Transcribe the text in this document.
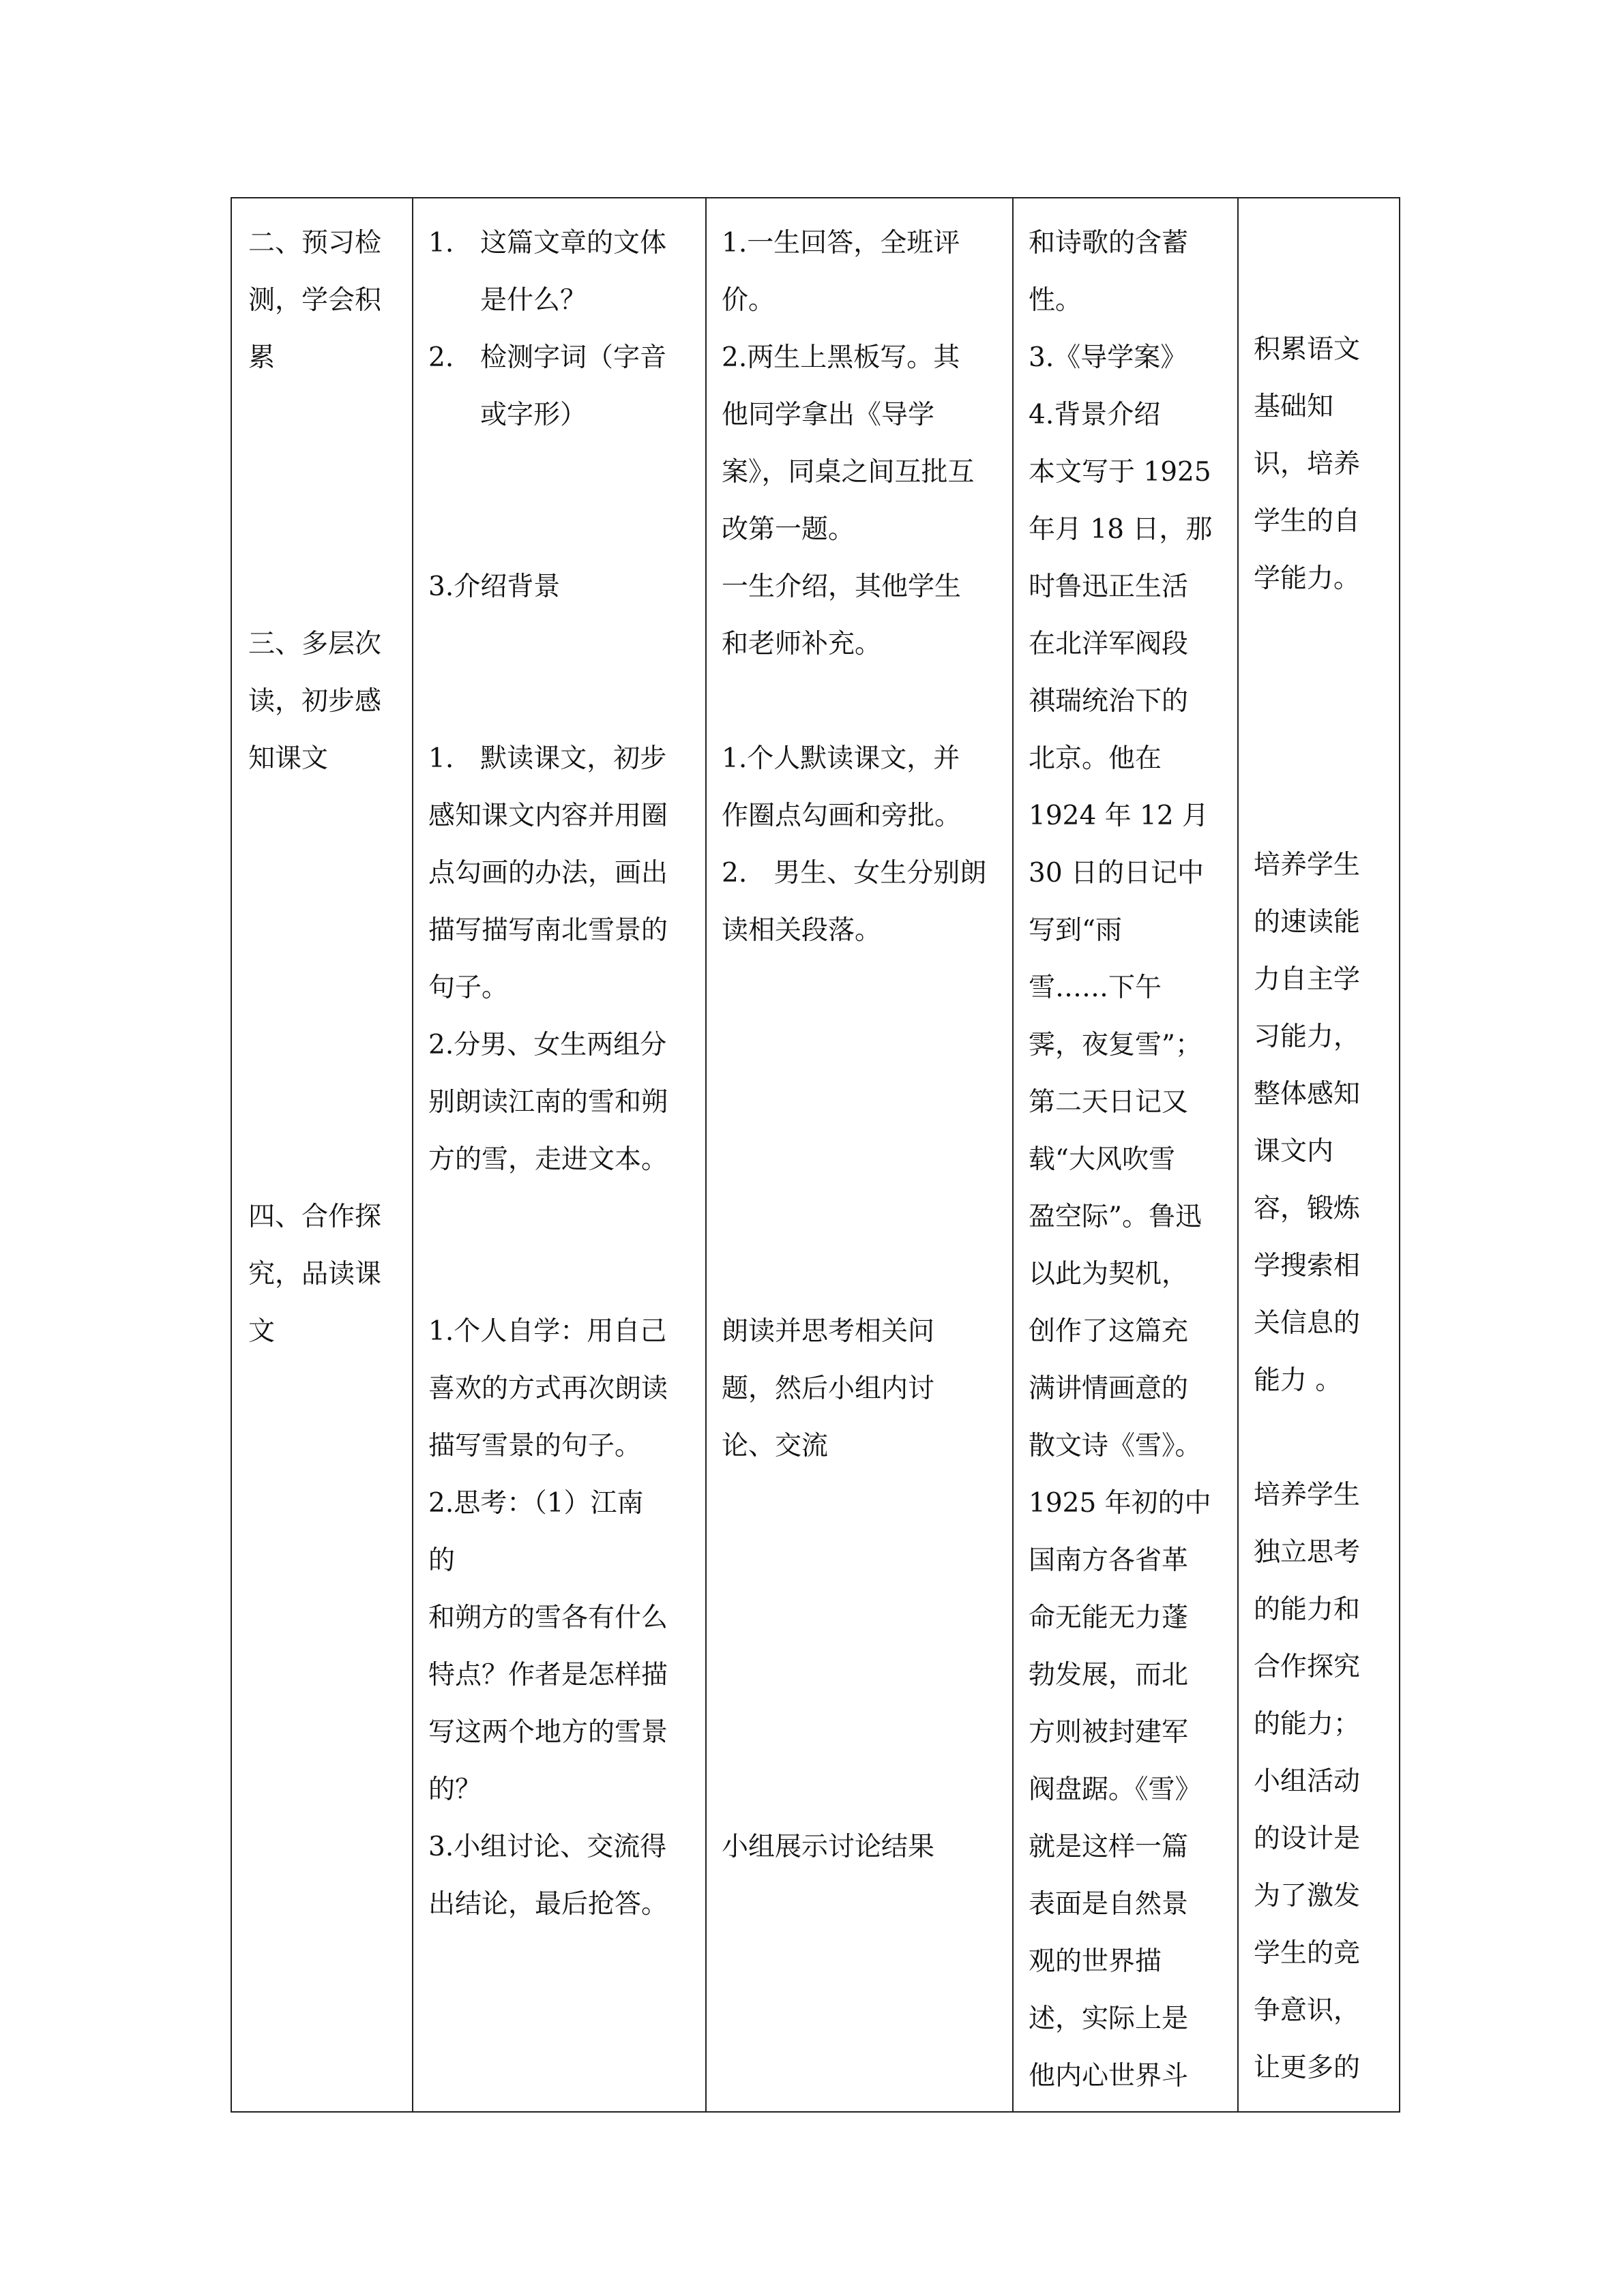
二、预习检
测，学会积
累
三、多层次
读，初步感
知课文
四、合作探
究，品读课
文
1. 这篇文章的文体
是什么？
2. 检测字词（字音
或字形）
3.介绍背景
1.　默读课文，初步
感知课文内容并用圈
点勾画的办法，画出
描写描写南北雪景的
句子。
2.分男、女生两组分
别朗读江南的雪和朔
方的雪，走进文本。
1.个人自学：用自己
喜欢的方式再次朗读
描写雪景的句子。
2.思考：（1）江南
的
和朔方的雪各有什么
特点？作者是怎样描
写这两个地方的雪景
的？
3.小组讨论、交流得
出结论，最后抢答。
1.一生回答，全班评
价。
2.两生上黑板写。其
他同学拿出《导学
案》，同桌之间互批互
改第一题。
一生介绍，其他学生
和老师补充。
1.个人默读课文，并
作圈点勾画和旁批。
2.　男生、女生分别朗
读相关段落。
朗读并思考相关问
题，然后小组内讨
论、交流
小组展示讨论结果
和诗歌的含蓄
性。
3.《导学案》
4.背景介绍
本文写于 1925
年月 18 日，那
时鲁迅正生活
在北洋军阀段
祺瑞统治下的
北京。他在
1924 年 12 月
30 日的日记中
写到“雨
雪……下午
霁，夜复雪”；
第二天日记又
载“大风吹雪
盈空际”。鲁迅
以此为契机，
创作了这篇充
满讲情画意的
散文诗《雪》。
1925 年初的中
国南方各省革
命无能无力蓬
勃发展，而北
方则被封建军
阀盘踞。《雪》
就是这样一篇
表面是自然景
观的世界描
述，实际上是
他内心世界斗
积累语文
基础知
识，培养
学生的自
学能力。
培养学生
的速读能
力自主学
习能力，
整体感知
课文内
容，锻炼
学搜索相
关信息的
能力 。
培养学生
独立思考
的能力和
合作探究
的能力；
小组活动
的设计是
为了激发
学生的竞
争意识，
让更多的
